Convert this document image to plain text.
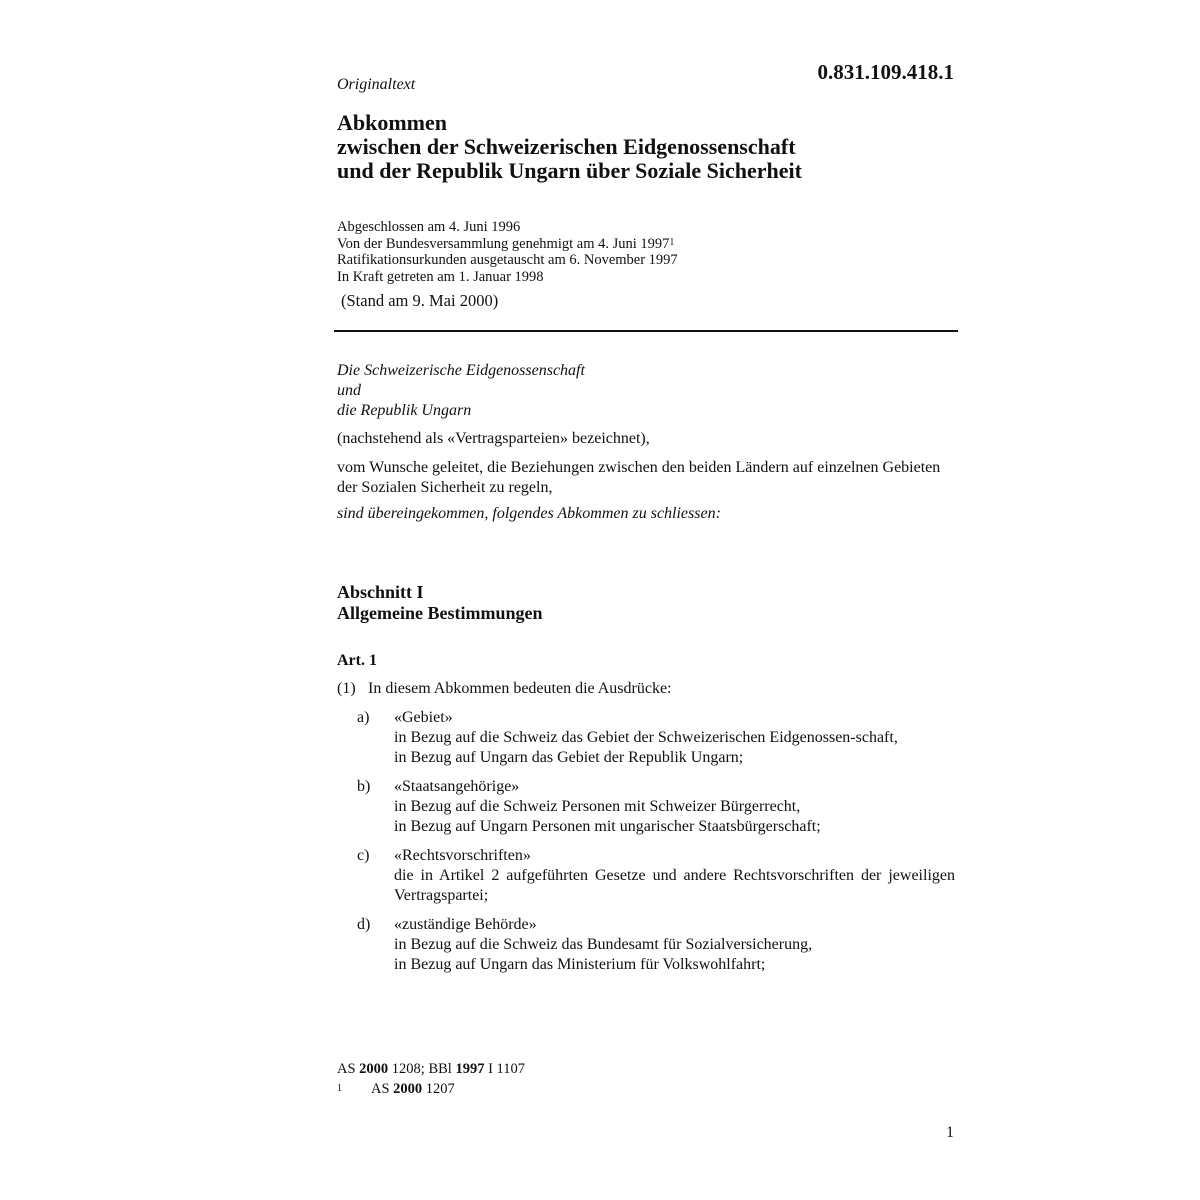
0.831.109.418.1
Originaltext
Abkommen
zwischen der Schweizerischen Eidgenossenschaft
und der Republik Ungarn über Soziale Sicherheit
Abgeschlossen am 4. Juni 1996
Von der Bundesversammlung genehmigt am 4. Juni 1997$^1$
Ratifikationsurkunden ausgetauscht am 6. November 1997
In Kraft getreten am 1. Januar 1998
(Stand am 9. Mai 2000)
Die Schweizerische Eidgenossenschaft
und
die Republik Ungarn
(nachstehend als «Vertragsparteien» bezeichnet),
vom Wunsche geleitet, die Beziehungen zwischen den beiden Ländern auf einzelnen Gebieten der Sozialen Sicherheit zu regeln,
sind übereingekommen, folgendes Abkommen zu schliessen:
Abschnitt I
Allgemeine Bestimmungen
Art. 1
(1) In diesem Abkommen bedeuten die Ausdrücke:
a)	«Gebiet»
in Bezug auf die Schweiz das Gebiet der Schweizerischen Eidgenossen-schaft,
in Bezug auf Ungarn das Gebiet der Republik Ungarn;
b)	«Staatsangehörige»
in Bezug auf die Schweiz Personen mit Schweizer Bürgerrecht,
in Bezug auf Ungarn Personen mit ungarischer Staatsbürgerschaft;
c)	«Rechtsvorschriften»
die in Artikel 2 aufgeführten Gesetze und andere Rechtsvorschriften der jeweiligen Vertragspartei;
d)	«zuständige Behörde»
in Bezug auf die Schweiz das Bundesamt für Sozialversicherung,
in Bezug auf Ungarn das Ministerium für Volkswohlfahrt;
AS 2000 1208; BBl 1997 I 1107
1 AS 2000 1207
1
